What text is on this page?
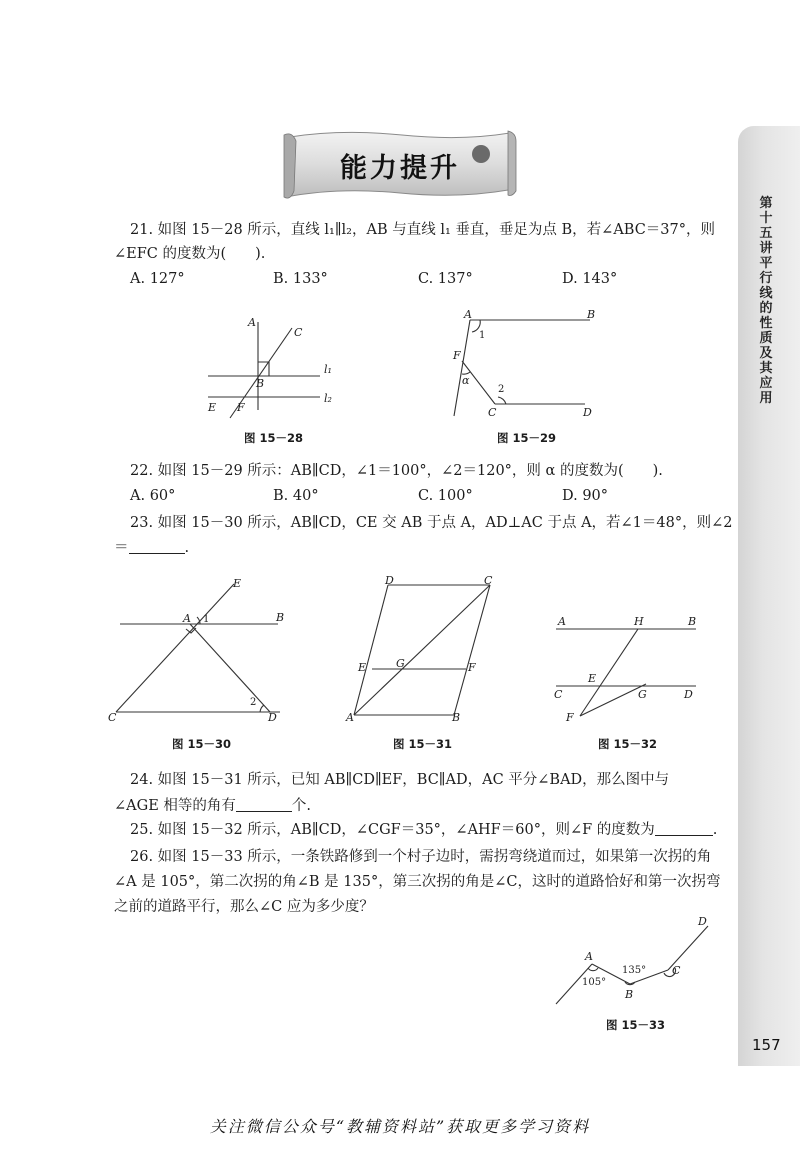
第十五讲 平行线的性质及其应用
157
能力提升
21. 如图 15－28 所示，直线 l₁∥l₂，AB 与直线 l₁ 垂直，垂足为点 B，若∠ABC＝37°，则
∠EFC 的度数为(　　).
A. 127°	B. 133°	C. 137°	D. 143°
A
C
B
l₁
l₂
E F
图 15－28
A	B
1
F
α
2
C	D
图 15－29
22. 如图 15－29 所示：AB∥CD，∠1＝100°，∠2＝120°，则 α 的度数为(　　).
A. 60°	B. 40°	C. 100°	D. 90°
23. 如图 15－30 所示，AB∥CD，CE 交 AB 于点 A，AD⊥AC 于点 A，若∠1＝48°，则∠2
＝	.
E
A 1	B
C
2
D
图 15－30
D	C
E	G	F
A	B
图 15－31
A	H	B
E
C	G	D
F
图 15－32
24. 如图 15－31 所示，已知 AB∥CD∥EF，BC∥AD，AC 平分∠BAD，那么图中与
∠AGE 相等的角有	个.
25. 如图 15－32 所示，AB∥CD，∠CGF＝35°，∠AHF＝60°，则∠F 的度数为	.
26. 如图 15－33 所示，一条铁路修到一个村子边时，需拐弯绕道而过，如果第一次拐的角
∠A 是 105°，第二次拐的角∠B 是 135°，第三次拐的角是∠C，这时的道路恰好和第一次拐弯
之前的道路平行，那么∠C 应为多少度？
D
A
135° C
105°
B
图 15－33
关注微信公众号“教辅资料站”获取更多学习资料
